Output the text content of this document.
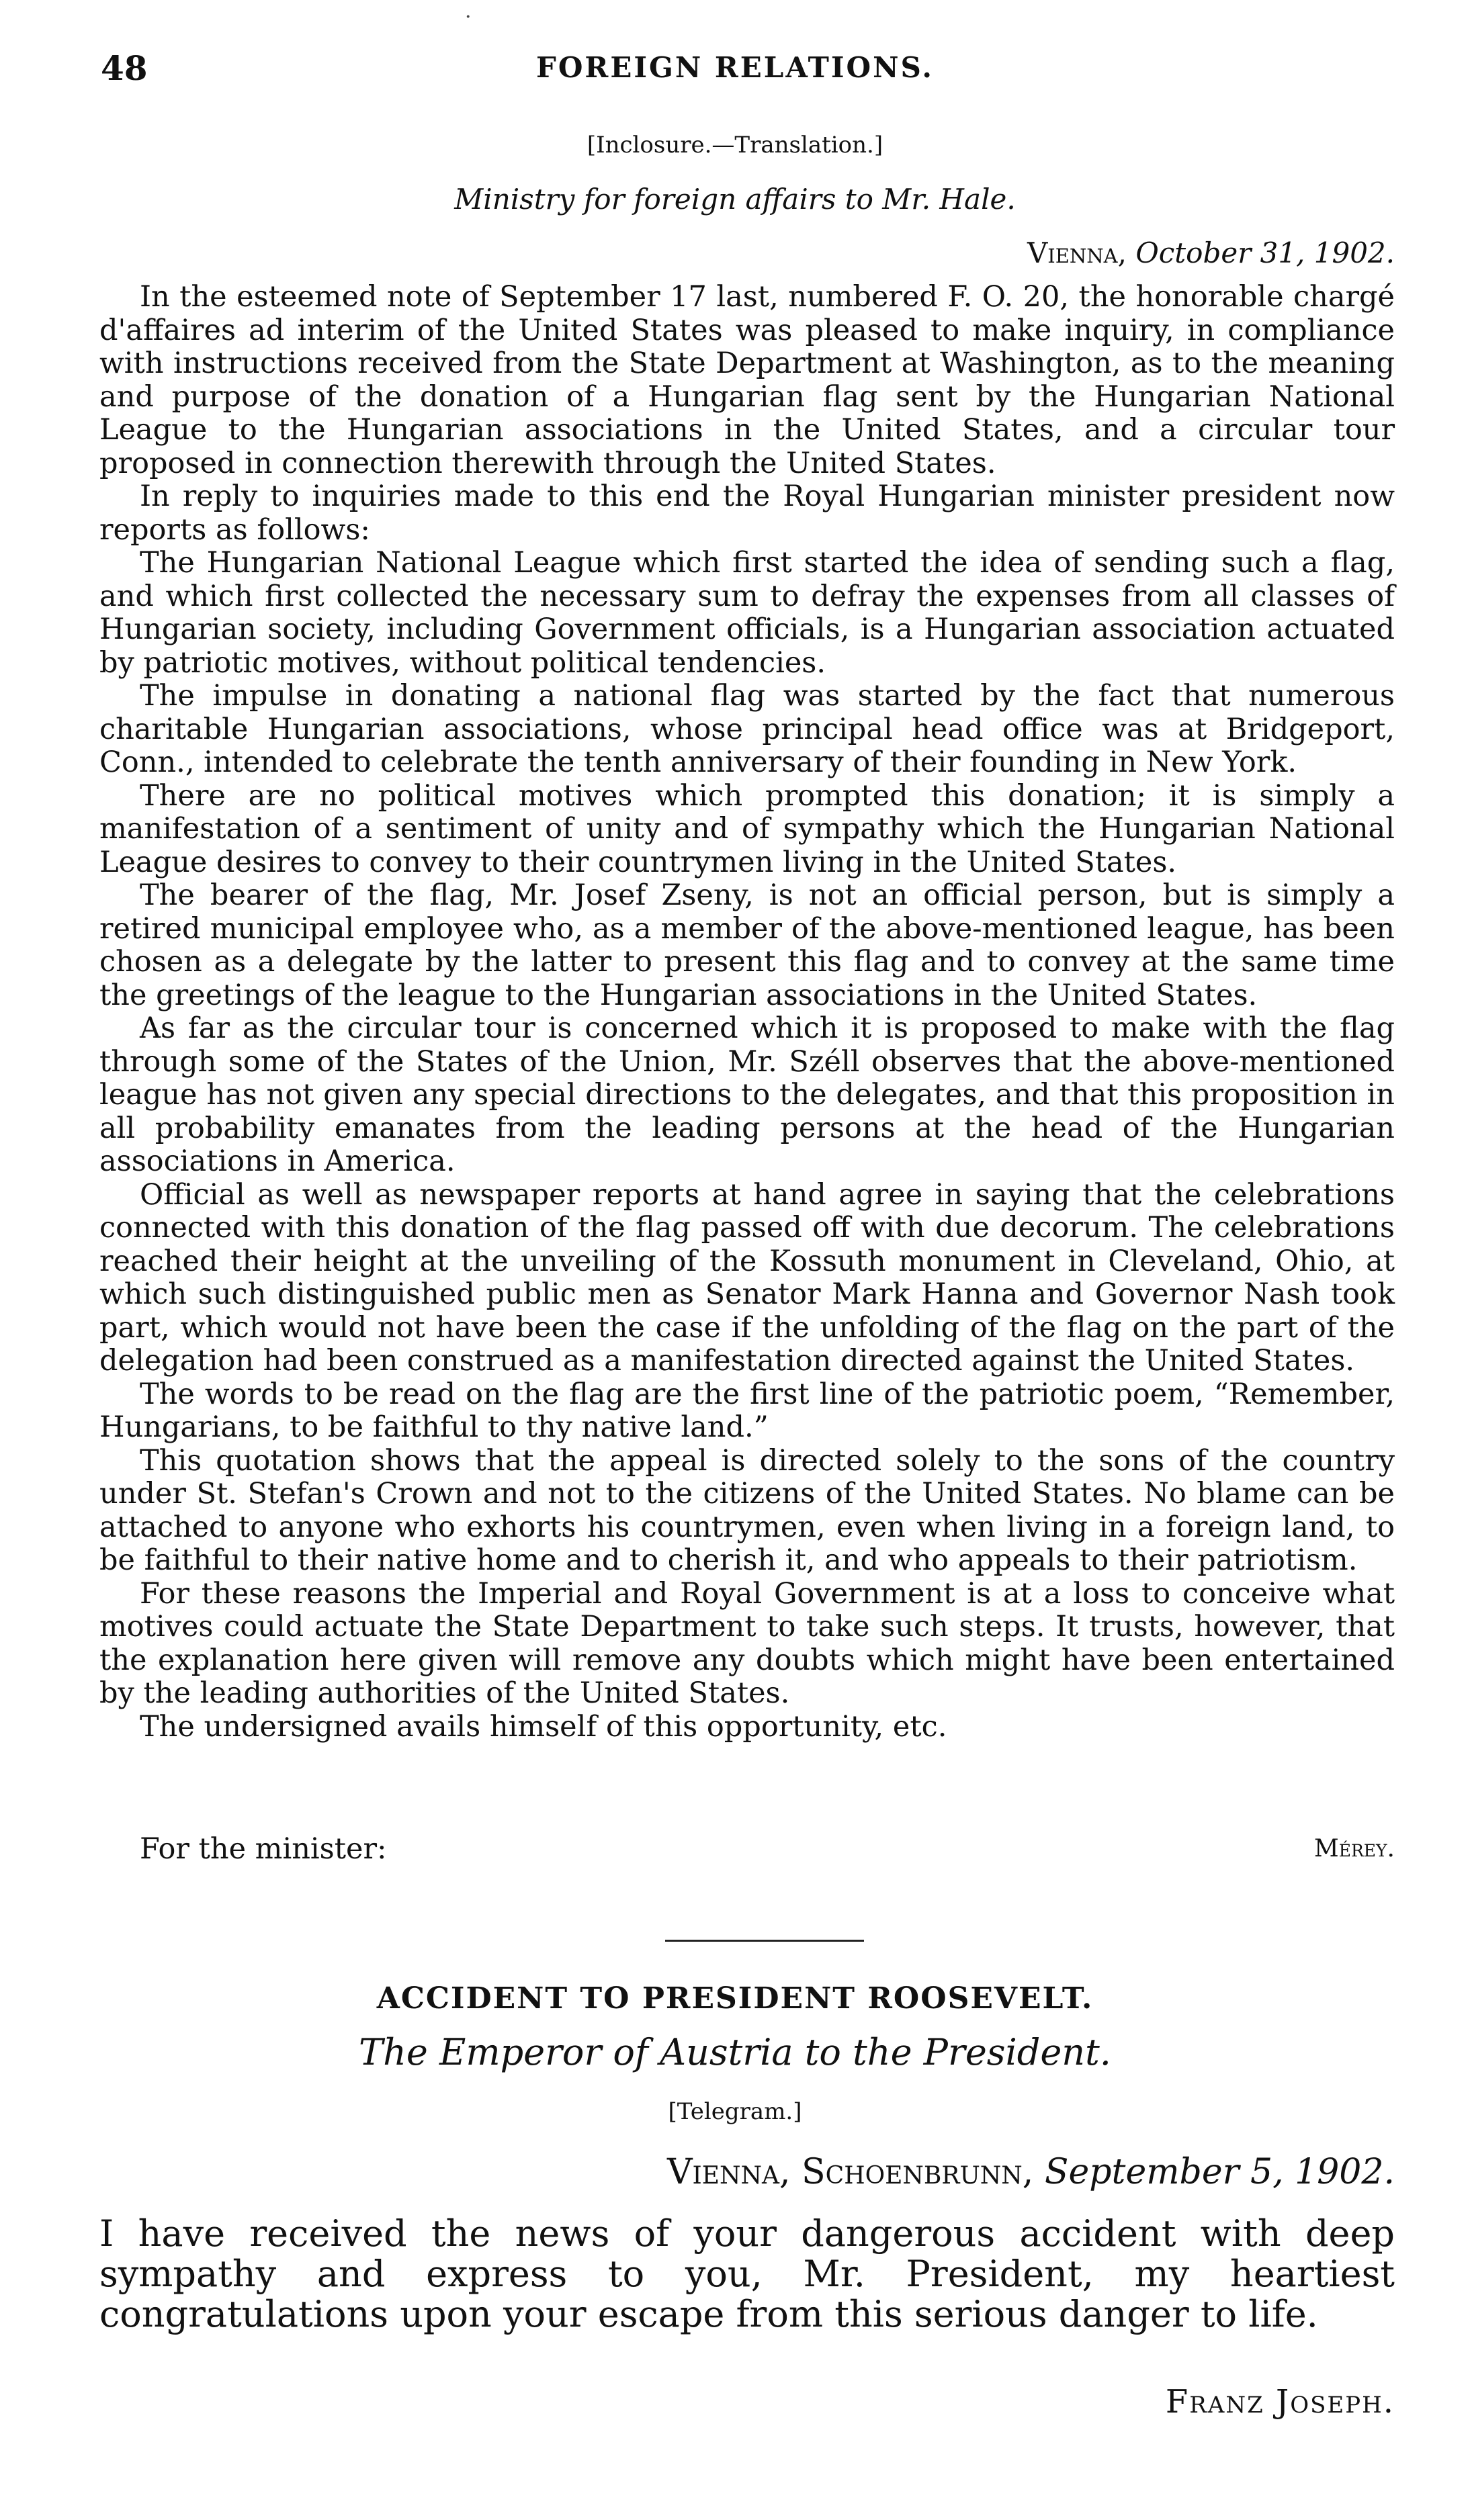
·
48	FOREIGN RELATIONS.
[Inclosure.—Translation.]
Ministry for foreign affairs to Mr. Hale.
Vienna, October 31, 1902.

In the esteemed note of September 17 last, numbered F. O. 20, the honorable chargé d'affaires ad interim of the United States was pleased to make inquiry, in compliance with instructions received from the State Department at Washington, as to the meaning and purpose of the donation of a Hungarian flag sent by the Hungarian National League to the Hungarian associations in the United States, and a circular tour proposed in connection therewith through the United States.

In reply to inquiries made to this end the Royal Hungarian minister president now reports as follows:

The Hungarian National League which first started the idea of sending such a flag, and which first collected the necessary sum to defray the expenses from all classes of Hungarian society, including Government officials, is a Hungarian association actuated by patriotic motives, without political tendencies.

The impulse in donating a national flag was started by the fact that numerous charitable Hungarian associations, whose principal head office was at Bridgeport, Conn., intended to celebrate the tenth anniversary of their founding in New York.

There are no political motives which prompted this donation; it is simply a manifestation of a sentiment of unity and of sympathy which the Hungarian National League desires to convey to their countrymen living in the United States.

The bearer of the flag, Mr. Josef Zseny, is not an official person, but is simply a retired municipal employee who, as a member of the above-mentioned league, has been chosen as a delegate by the latter to present this flag and to convey at the same time the greetings of the league to the Hungarian associations in the United States.

As far as the circular tour is concerned which it is proposed to make with the flag through some of the States of the Union, Mr. Széll observes that the above-mentioned league has not given any special directions to the delegates, and that this proposition in all probability emanates from the leading persons at the head of the Hungarian associations in America.

Official as well as newspaper reports at hand agree in saying that the celebrations connected with this donation of the flag passed off with due decorum. The celebrations reached their height at the unveiling of the Kossuth monument in Cleveland, Ohio, at which such distinguished public men as Senator Mark Hanna and Governor Nash took part, which would not have been the case if the unfolding of the flag on the part of the delegation had been construed as a manifestation directed against the United States.

The words to be read on the flag are the first line of the patriotic poem, “Remember, Hungarians, to be faithful to thy native land.”

This quotation shows that the appeal is directed solely to the sons of the country under St. Stefan's Crown and not to the citizens of the United States. No blame can be attached to anyone who exhorts his countrymen, even when living in a foreign land, to be faithful to their native home and to cherish it, and who appeals to their patriotism.

For these reasons the Imperial and Royal Government is at a loss to conceive what motives could actuate the State Department to take such steps. It trusts, however, that the explanation here given will remove any doubts which might have been entertained by the leading authorities of the United States.

The undersigned avails himself of this opportunity, etc.

For the minister:	Mérey.
ACCIDENT TO PRESIDENT ROOSEVELT.
The Emperor of Austria to the President.
[Telegram.]
Vienna, Schoenbrunn, September 5, 1902.

I have received the news of your dangerous accident with deep sympathy and express to you, Mr. President, my heartiest congratulations upon your escape from this serious danger to life.

Franz Joseph.
